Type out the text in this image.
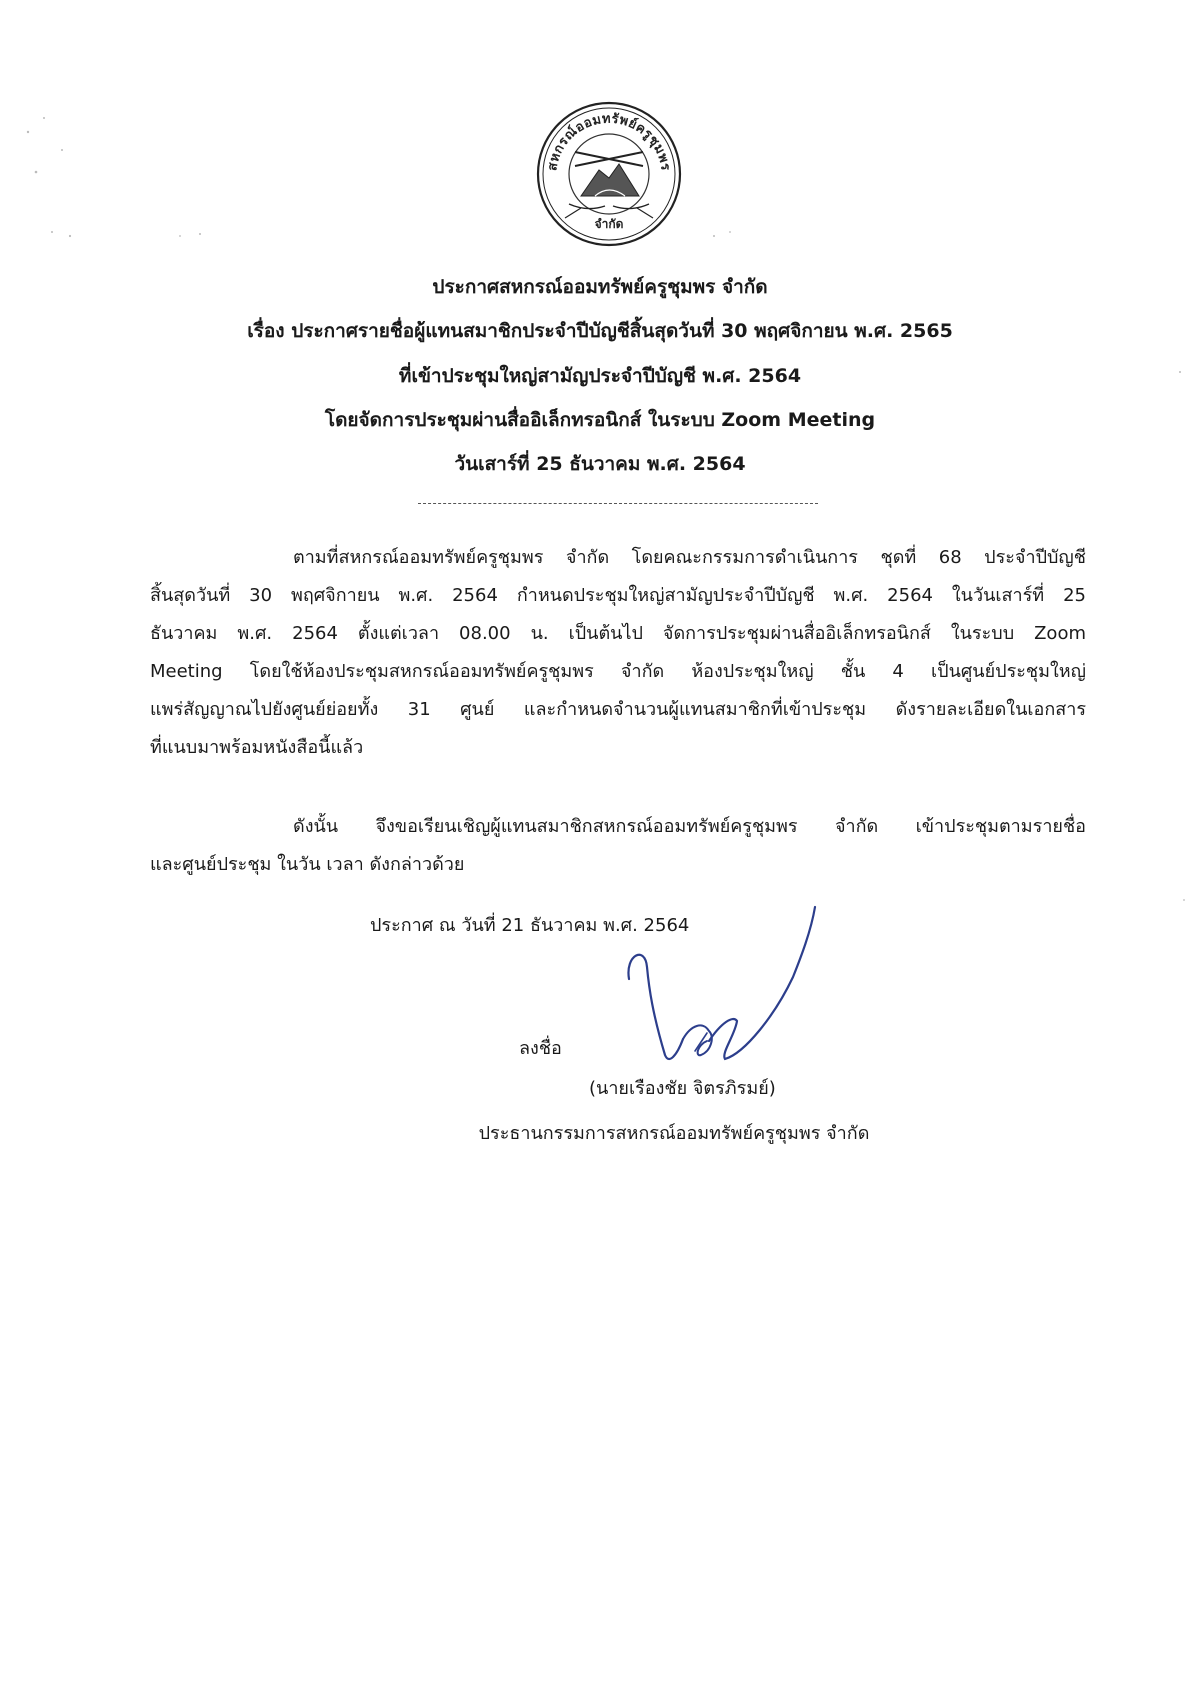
สหกรณ์ออมทรัพย์ครูชุมพร
จำกัด
ประกาศสหกรณ์ออมทรัพย์ครูชุมพร จำกัด
เรื่อง ประกาศรายชื่อผู้แทนสมาชิกประจำปีบัญชีสิ้นสุดวันที่ 30 พฤศจิกายน พ.ศ. 2565
ที่เข้าประชุมใหญ่สามัญประจำปีบัญชี พ.ศ. 2564
โดยจัดการประชุมผ่านสื่ออิเล็กทรอนิกส์ ในระบบ Zoom Meeting
วันเสาร์ที่ 25 ธันวาคม พ.ศ. 2564
ตามที่สหกรณ์ออมทรัพย์ครูชุมพร จำกัด โดยคณะกรรมการดำเนินการ ชุดที่ 68 ประจำปีบัญชี
สิ้นสุดวันที่ 30 พฤศจิกายน พ.ศ. 2564 กำหนดประชุมใหญ่สามัญประจำปีบัญชี พ.ศ. 2564 ในวันเสาร์ที่ 25
ธันวาคม พ.ศ. 2564 ตั้งแต่เวลา 08.00 น. เป็นต้นไป จัดการประชุมผ่านสื่ออิเล็กทรอนิกส์ ในระบบ Zoom
Meeting โดยใช้ห้องประชุมสหกรณ์ออมทรัพย์ครูชุมพร จำกัด ห้องประชุมใหญ่ ชั้น 4 เป็นศูนย์ประชุมใหญ่
แพร่สัญญาณไปยังศูนย์ย่อยทั้ง 31 ศูนย์ และกำหนดจำนวนผู้แทนสมาชิกที่เข้าประชุม ดังรายละเอียดในเอกสาร
ที่แนบมาพร้อมหนังสือนี้แล้ว
ดังนั้น จึงขอเรียนเชิญผู้แทนสมาชิกสหกรณ์ออมทรัพย์ครูชุมพร จำกัด เข้าประชุมตามรายชื่อ
และศูนย์ประชุม ในวัน เวลา ดังกล่าวด้วย
ประกาศ ณ วันที่ 21 ธันวาคม พ.ศ. 2564
ลงชื่อ
(นายเรืองชัย จิตรภิรมย์)
ประธานกรรมการสหกรณ์ออมทรัพย์ครูชุมพร จำกัด
